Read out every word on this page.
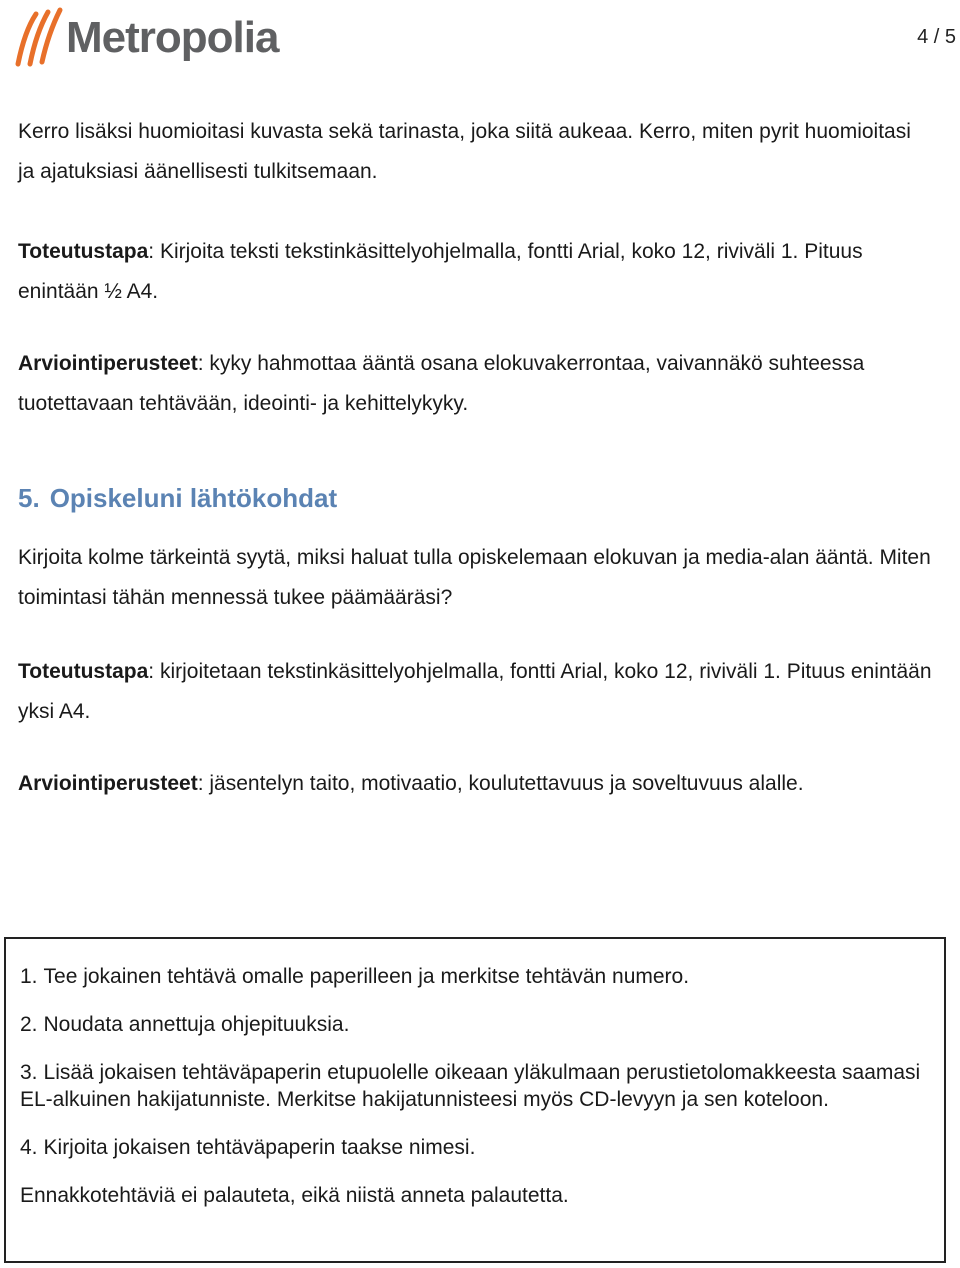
Metropolia	4 / 5

Kerro lisäksi huomioitasi kuvasta sekä tarinasta, joka siitä aukeaa. Kerro, miten pyrit huomioitasi ja ajatuksiasi äänellisesti tulkitsemaan.

Toteutustapa: Kirjoita teksti tekstinkäsittelyohjelmalla, fontti Arial, koko 12, riviväli 1. Pituus enintään ½ A4.

Arviointiperusteet: kyky hahmottaa ääntä osana elokuvakerrontaa, vaivannäkö suhteessa tuotettavaan tehtävään, ideointi- ja kehittelykyky.

5. Opiskeluni lähtökohdat

Kirjoita kolme tärkeintä syytä, miksi haluat tulla opiskelemaan elokuvan ja media-alan ääntä. Miten toimintasi tähän mennessä tukee päämääräsi?

Toteutustapa: kirjoitetaan tekstinkäsittelyohjelmalla, fontti Arial, koko 12, riviväli 1. Pituus enintään yksi A4.

Arviointiperusteet: jäsentelyn taito, motivaatio, koulutettavuus ja soveltuvuus alalle.

1. Tee jokainen tehtävä omalle paperilleen ja merkitse tehtävän numero.

2. Noudata annettuja ohjepituuksia.

3. Lisää jokaisen tehtäväpaperin etupuolelle oikeaan yläkulmaan perustietolomakkeesta saamasi EL-alkuinen hakijatunniste. Merkitse hakijatunnisteesi myös CD-levyyn ja sen koteloon.

4. Kirjoita jokaisen tehtäväpaperin taakse nimesi.

Ennakkotehtäviä ei palauteta, eikä niistä anneta palautetta.
